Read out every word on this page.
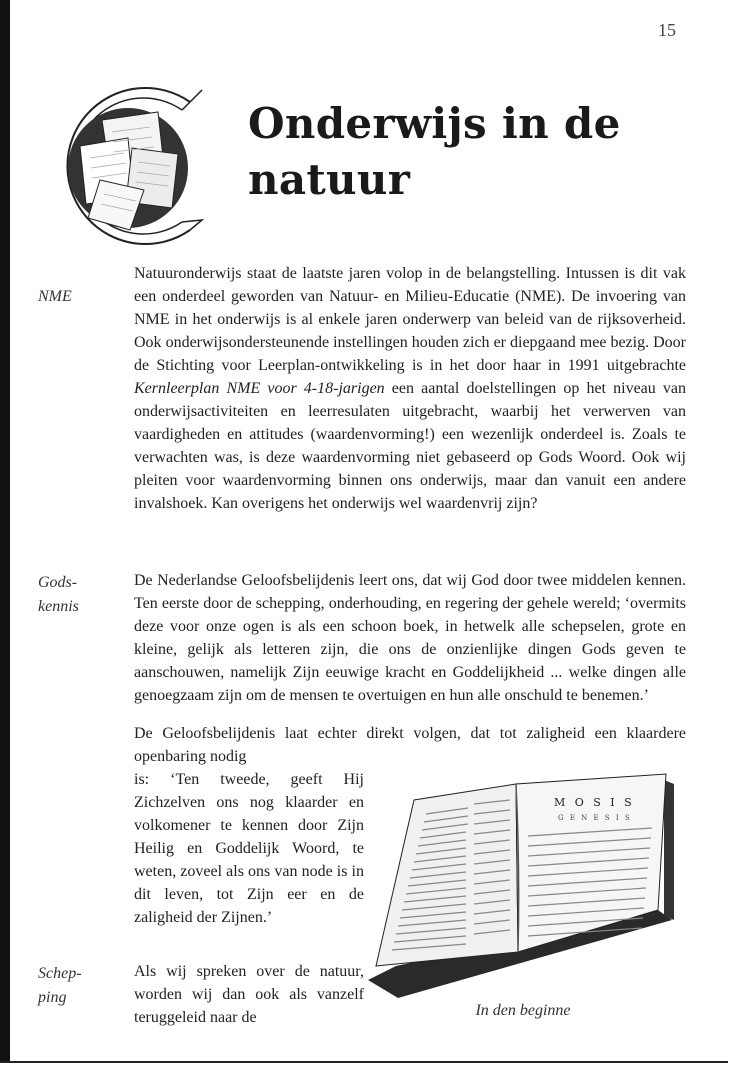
15
Onderwijs in de
natuur
NME
Gods-
kennis
Schep-
ping

Natuuronderwijs staat de laatste jaren volop in de belangstelling. Intussen is dit vak een onderdeel geworden van Natuur- en Milieu-Educatie (NME). De invoering van NME in het onderwijs is al enkele jaren onderwerp van beleid van de rijksoverheid. Ook onderwijsondersteunende instellingen houden zich er diepgaand mee bezig. Door de Stichting voor Leerplan-ontwikkeling is in het door haar in 1991 uitgebrachte Kernleerplan NME voor 4-18-jarigen een aantal doelstellingen op het niveau van onderwijsactiviteiten en leerresulaten uitgebracht, waarbij het verwerven van vaardigheden en attitudes (waardenvorming!) een wezenlijk onderdeel is. Zoals te verwachten was, is deze waardenvorming niet gebaseerd op Gods Woord. Ook wij pleiten voor waardenvorming binnen ons onderwijs, maar dan vanuit een andere invalshoek. Kan overigens het onderwijs wel waardenvrij zijn?

De Nederlandse Geloofsbelijdenis leert ons, dat wij God door twee middelen kennen. Ten eerste door de schepping, onderhouding, en regering der gehele wereld; ‘overmits deze voor onze ogen is als een schoon boek, in hetwelk alle schepselen, grote en kleine, gelijk als letteren zijn, die ons de onzienlijke dingen Gods geven te aanschouwen, namelijk Zijn eeuwige kracht en Goddelijkheid ... welke dingen alle genoegzaam zijn om de mensen te overtuigen en hun alle onschuld te benemen.’

De Geloofsbelijdenis laat echter direkt volgen, dat tot zaligheid een klaardere openbaring nodig

is: ‘Ten tweede, geeft Hij Zichzelven ons nog klaarder en volkomener te kennen door Zijn Heilig en Goddelijk Woord, te weten, zoveel als ons van node is in dit leven, tot Zijn eer en de zaligheid der Zijnen.’

Als wij spreken over de natuur, worden wij dan ook als vanzelf teruggeleid naar de

M O S I S
G E N E S I S
In den beginne
